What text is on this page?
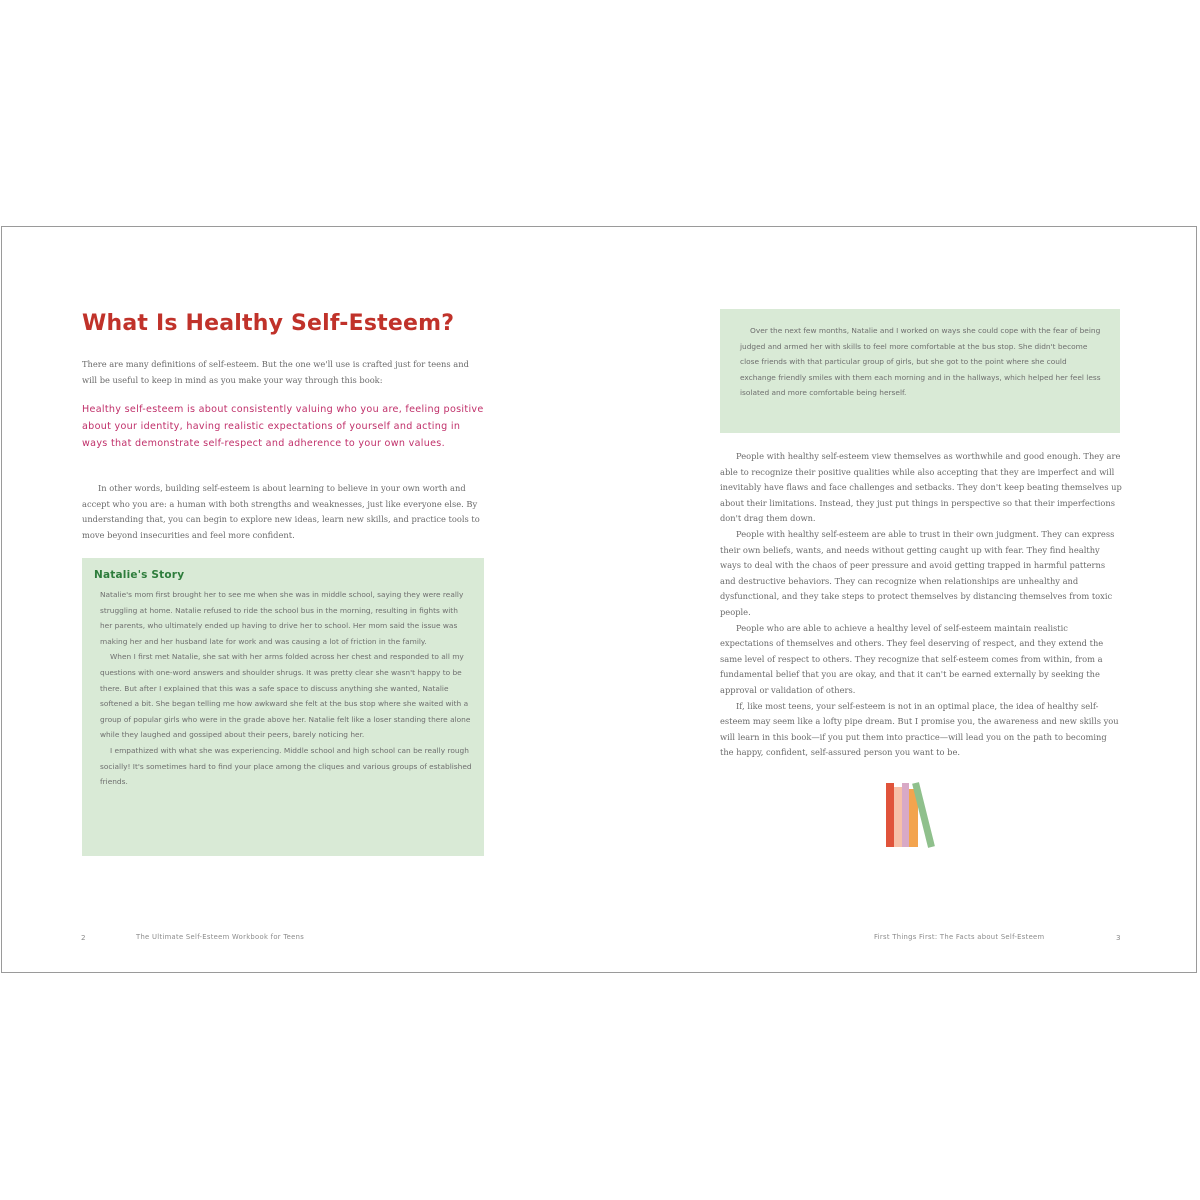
What Is Healthy Self-Esteem?

There are many definitions of self-esteem. But the one we'll use is crafted just for teens and will be useful to keep in mind as you make your way through this book:

Healthy self-esteem is about consistently valuing who you are, feeling positive about your identity, having realistic expectations of yourself and acting in ways that demonstrate self-respect and adherence to your own values.

In other words, building self-esteem is about learning to believe in your own worth and accept who you are: a human with both strengths and weaknesses, just like everyone else. By understanding that, you can begin to explore new ideas, learn new skills, and practice tools to move beyond insecurities and feel more confident.

Natalie's Story

Natalie's mom first brought her to see me when she was in middle school, saying they were really struggling at home. Natalie refused to ride the school bus in the morning, resulting in fights with her parents, who ultimately ended up having to drive her to school. Her mom said the issue was making her and her husband late for work and was causing a lot of friction in the family.

When I first met Natalie, she sat with her arms folded across her chest and responded to all my questions with one-word answers and shoulder shrugs. It was pretty clear she wasn't happy to be there. But after I explained that this was a safe space to discuss anything she wanted, Natalie softened a bit. She began telling me how awkward she felt at the bus stop where she waited with a group of popular girls who were in the grade above her. Natalie felt like a loser standing there alone while they laughed and gossiped about their peers, barely noticing her.

I empathized with what she was experiencing. Middle school and high school can be really rough socially! It's sometimes hard to find your place among the cliques and various groups of established friends.

2	The Ultimate Self-Esteem Workbook for Teens

Over the next few months, Natalie and I worked on ways she could cope with the fear of being judged and armed her with skills to feel more comfortable at the bus stop. She didn't become close friends with that particular group of girls, but she got to the point where she could exchange friendly smiles with them each morning and in the hallways, which helped her feel less isolated and more comfortable being herself.

People with healthy self-esteem view themselves as worthwhile and good enough. They are able to recognize their positive qualities while also accepting that they are imperfect and will inevitably have flaws and face challenges and setbacks. They don't keep beating themselves up about their limitations. Instead, they just put things in perspective so that their imperfections don't drag them down.

People with healthy self-esteem are able to trust in their own judgment. They can express their own beliefs, wants, and needs without getting caught up with fear. They find healthy ways to deal with the chaos of peer pressure and avoid getting trapped in harmful patterns and destructive behaviors. They can recognize when relationships are unhealthy and dysfunctional, and they take steps to protect themselves by distancing themselves from toxic people.

People who are able to achieve a healthy level of self-esteem maintain realistic expectations of themselves and others. They feel deserving of respect, and they extend the same level of respect to others. They recognize that self-esteem comes from within, from a fundamental belief that you are okay, and that it can't be earned externally by seeking the approval or validation of others.

If, like most teens, your self-esteem is not in an optimal place, the idea of healthy self-esteem may seem like a lofty pipe dream. But I promise you, the awareness and new skills you will learn in this book—if you put them into practice—will lead you on the path to becoming the happy, confident, self-assured person you want to be.

First Things First: The Facts about Self-Esteem	3
